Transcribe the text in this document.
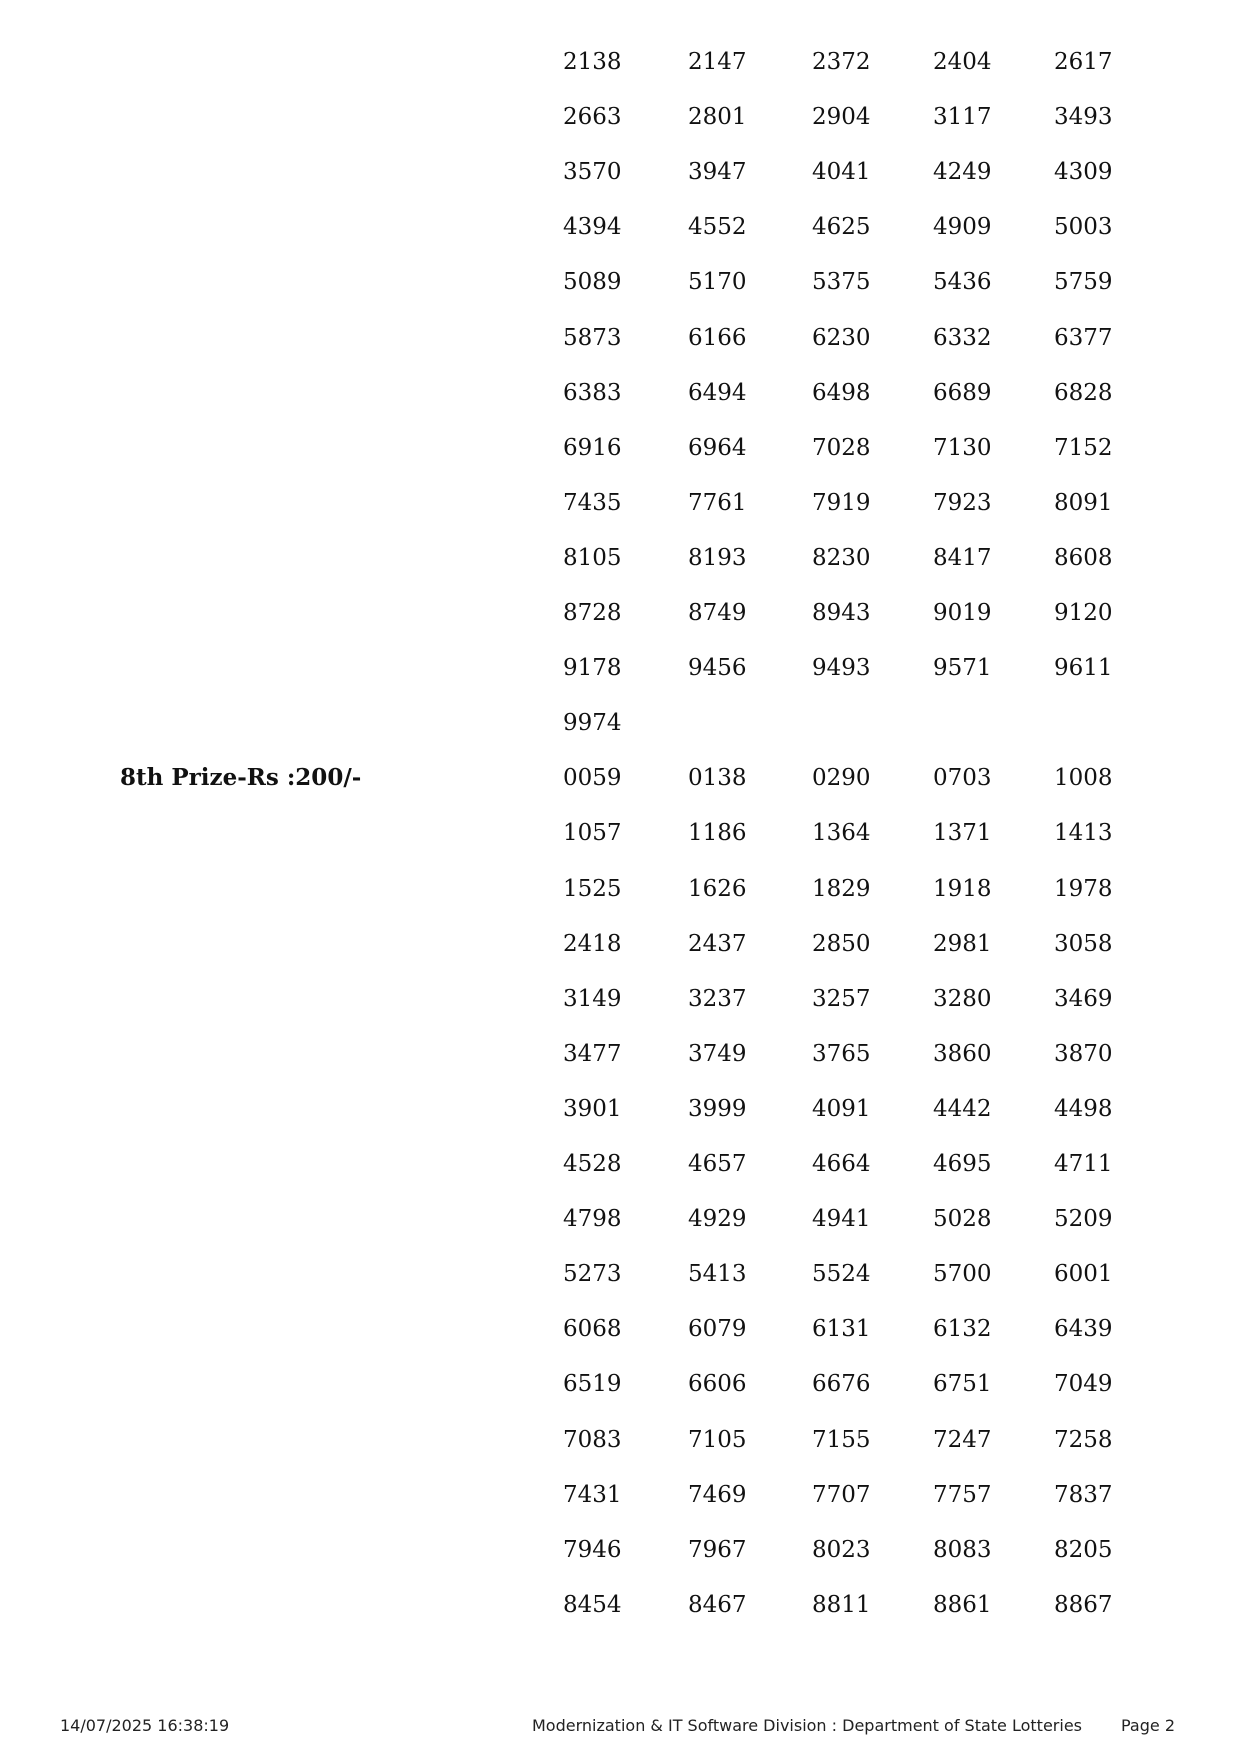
2138	2147	2372	2404	2617
2663	2801	2904	3117	3493
3570	3947	4041	4249	4309
4394	4552	4625	4909	5003
5089	5170	5375	5436	5759
5873	6166	6230	6332	6377
6383	6494	6498	6689	6828
6916	6964	7028	7130	7152
7435	7761	7919	7923	8091
8105	8193	8230	8417	8608
8728	8749	8943	9019	9120
9178	9456	9493	9571	9611
9974
8th Prize-Rs :200/-	0059	0138	0290	0703	1008
1057	1186	1364	1371	1413
1525	1626	1829	1918	1978
2418	2437	2850	2981	3058
3149	3237	3257	3280	3469
3477	3749	3765	3860	3870
3901	3999	4091	4442	4498
4528	4657	4664	4695	4711
4798	4929	4941	5028	5209
5273	5413	5524	5700	6001
6068	6079	6131	6132	6439
6519	6606	6676	6751	7049
7083	7105	7155	7247	7258
7431	7469	7707	7757	7837
7946	7967	8023	8083	8205
8454	8467	8811	8861	8867
14/07/2025 16:38:19	Modernization & IT Software Division : Department of State Lotteries Page 2
